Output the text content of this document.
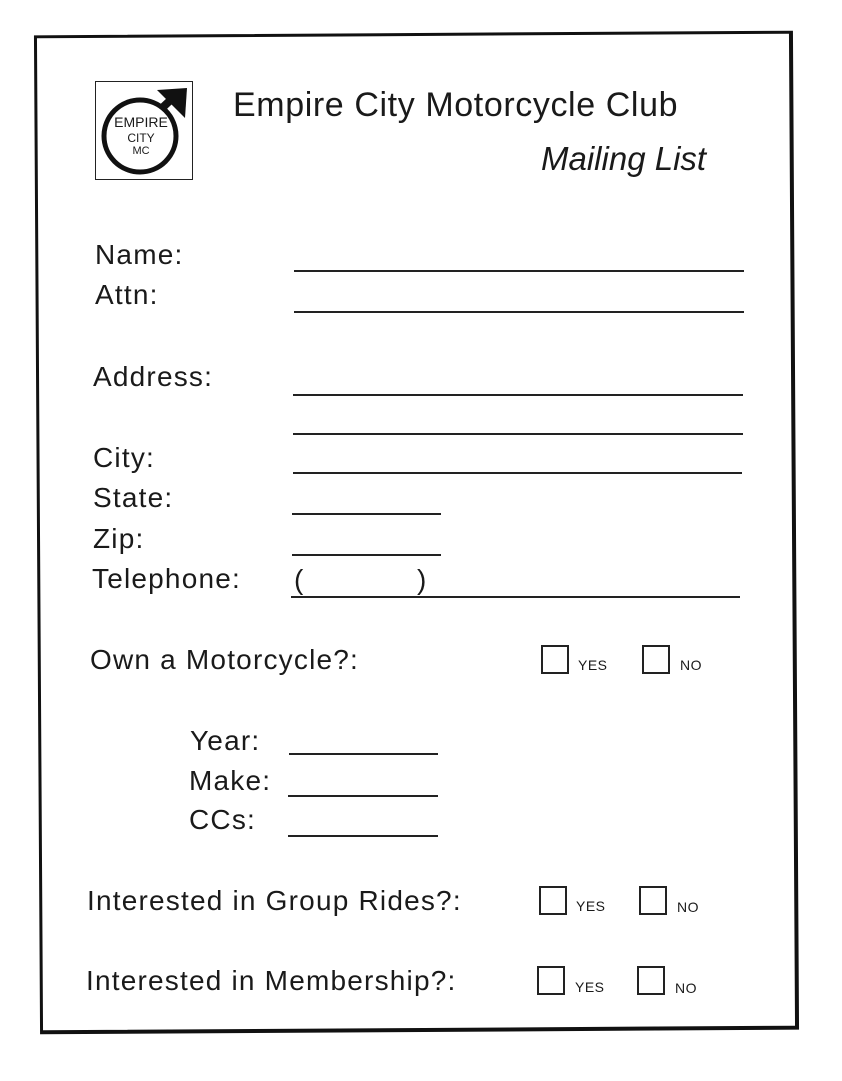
EMPIRE
CITY
MC
Empire City Motorcycle Club
Mailing List
Name:
Attn:
Address:
City:
State:
Zip:
Telephone: (	)
Own a Motorcycle?:	YES	NO
Year:
Make:
CCs:
Interested in Group Rides?:	YES	NO
Interested in Membership?:	YES	NO
